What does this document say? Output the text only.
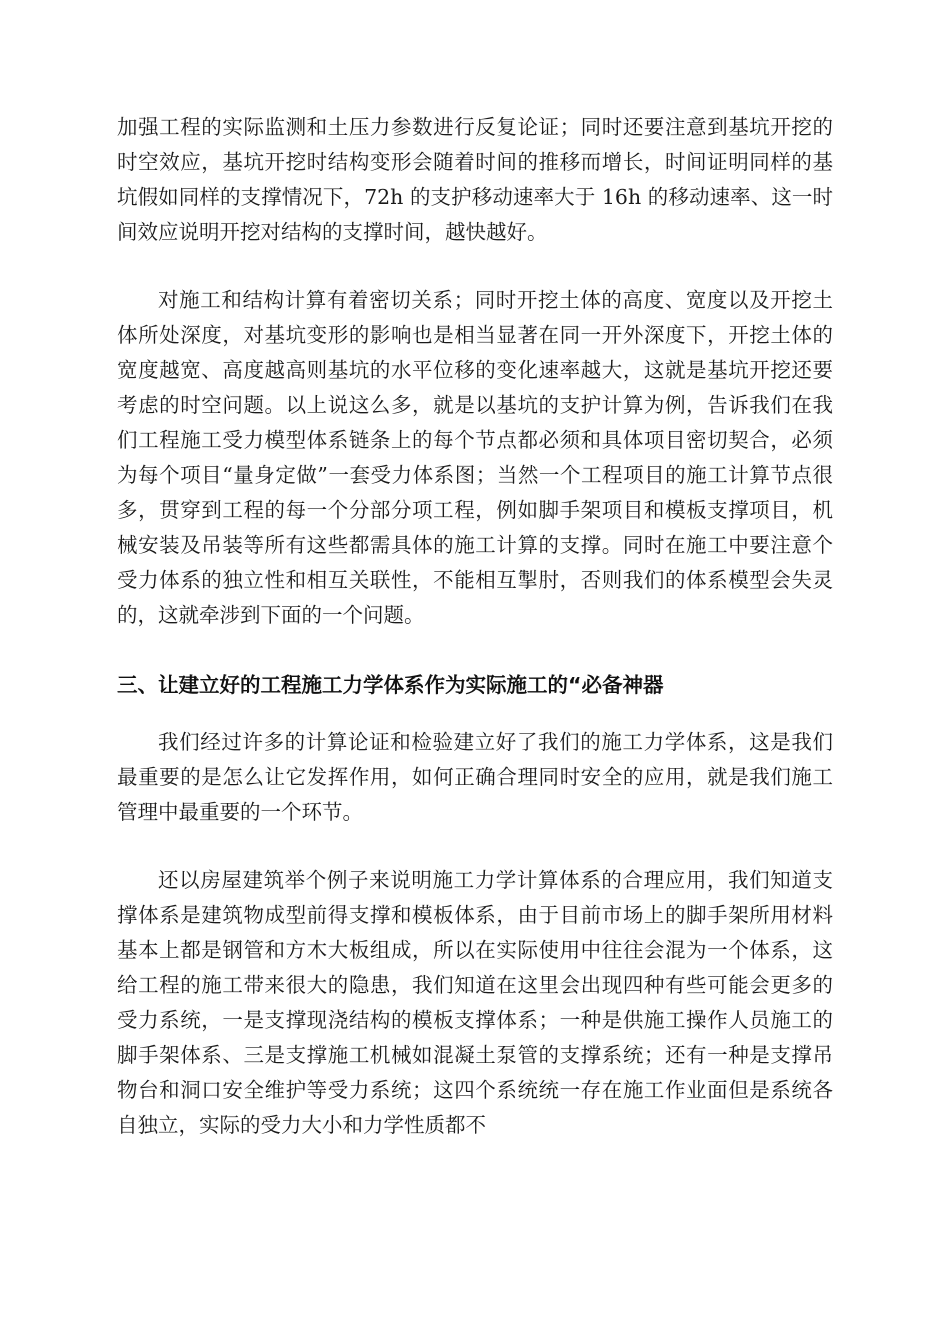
加强工程的实际监测和土压力参数进行反复论证；同时还要注意到基坑开挖的时空效应，基坑开挖时结构变形会随着时间的推移而增长，时间证明同样的基坑假如同样的支撑情况下，72h 的支护移动速率大于 16h 的移动速率、这一时间效应说明开挖对结构的支撑时间，越快越好。

对施工和结构计算有着密切关系；同时开挖土体的高度、宽度以及开挖土体所处深度，对基坑变形的影响也是相当显著在同一开外深度下，开挖土体的宽度越宽、高度越高则基坑的水平位移的变化速率越大，这就是基坑开挖还要考虑的时空问题。以上说这么多，就是以基坑的支护计算为例，告诉我们在我们工程施工受力模型体系链条上的每个节点都必须和具体项目密切契合，必须为每个项目“量身定做”一套受力体系图；当然一个工程项目的施工计算节点很多，贯穿到工程的每一个分部分项工程，例如脚手架项目和模板支撑项目，机械安装及吊装等所有这些都需具体的施工计算的支撑。同时在施工中要注意个受力体系的独立性和相互关联性，不能相互掣肘，否则我们的体系模型会失灵的，这就牵涉到下面的一个问题。

三、让建立好的工程施工力学体系作为实际施工的“必备神器

我们经过许多的计算论证和检验建立好了我们的施工力学体系，这是我们最重要的是怎么让它发挥作用，如何正确合理同时安全的应用，就是我们施工管理中最重要的一个环节。

还以房屋建筑举个例子来说明施工力学计算体系的合理应用，我们知道支撑体系是建筑物成型前得支撑和模板体系，由于目前市场上的脚手架所用材料基本上都是钢管和方木大板组成，所以在实际使用中往往会混为一个体系，这给工程的施工带来很大的隐患，我们知道在这里会出现四种有些可能会更多的受力系统，一是支撑现浇结构的模板支撑体系；一种是供施工操作人员施工的脚手架体系、三是支撑施工机械如混凝土泵管的支撑系统；还有一种是支撑吊物台和洞口安全维护等受力系统；这四个系统统一存在施工作业面但是系统各自独立，实际的受力大小和力学性质都不
